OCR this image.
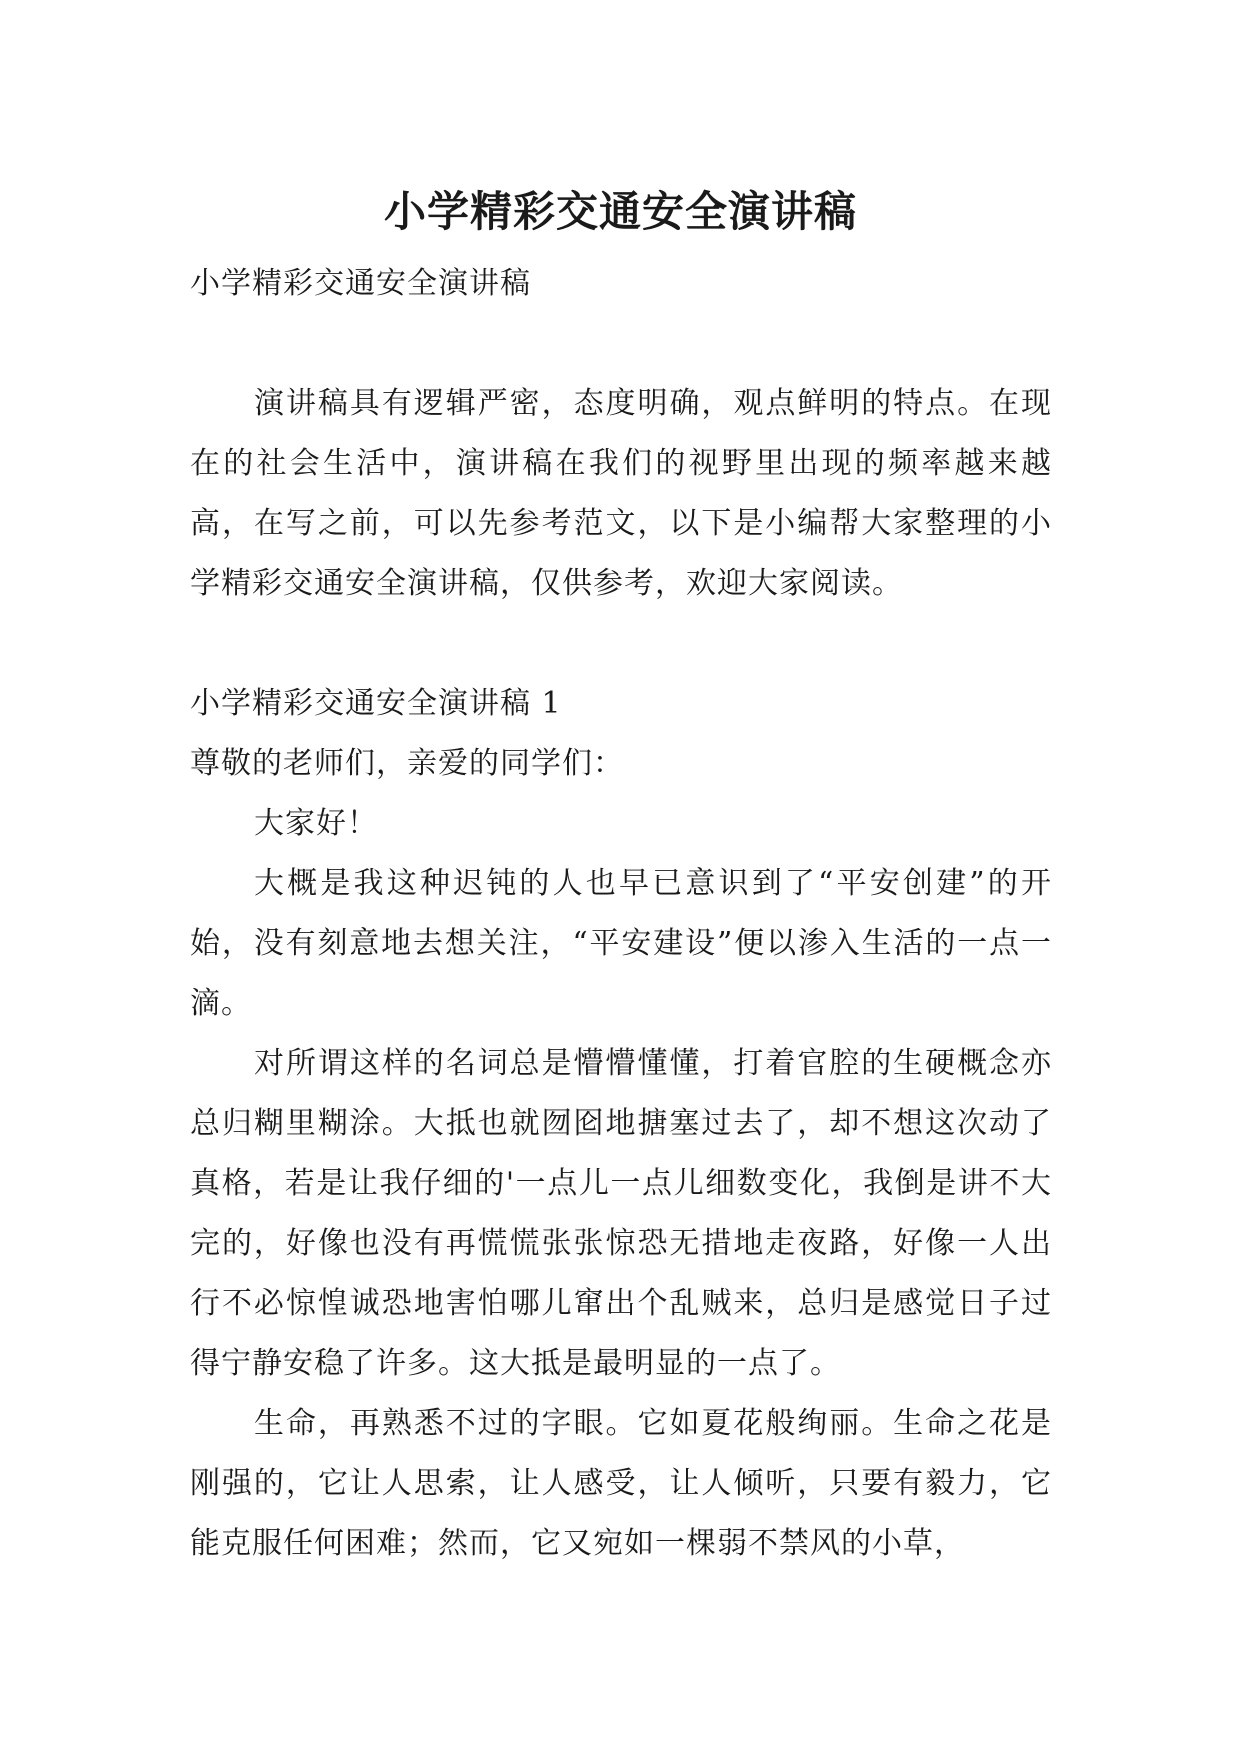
小学精彩交通安全演讲稿

小学精彩交通安全演讲稿

演讲稿具有逻辑严密，态度明确，观点鲜明的特点。在现在的社会生活中，演讲稿在我们的视野里出现的频率越来越高，在写之前，可以先参考范文，以下是小编帮大家整理的小学精彩交通安全演讲稿，仅供参考，欢迎大家阅读。

小学精彩交通安全演讲稿 1

尊敬的老师们，亲爱的同学们：

大家好！

大概是我这种迟钝的人也早已意识到了“平安创建”的开始，没有刻意地去想关注，“平安建设”便以渗入生活的一点一滴。

对所谓这样的名词总是懵懵懂懂，打着官腔的生硬概念亦总归糊里糊涂。大抵也就囫囵地搪塞过去了，却不想这次动了真格，若是让我仔细的'一点儿一点儿细数变化，我倒是讲不大完的，好像也没有再慌慌张张惊恐无措地走夜路，好像一人出行不必惊惶诚恐地害怕哪儿窜出个乱贼来，总归是感觉日子过得宁静安稳了许多。这大抵是最明显的一点了。

生命，再熟悉不过的字眼。它如夏花般绚丽。生命之花是刚强的，它让人思索，让人感受，让人倾听，只要有毅力，它能克服任何困难；然而，它又宛如一棵弱不禁风的小草，
